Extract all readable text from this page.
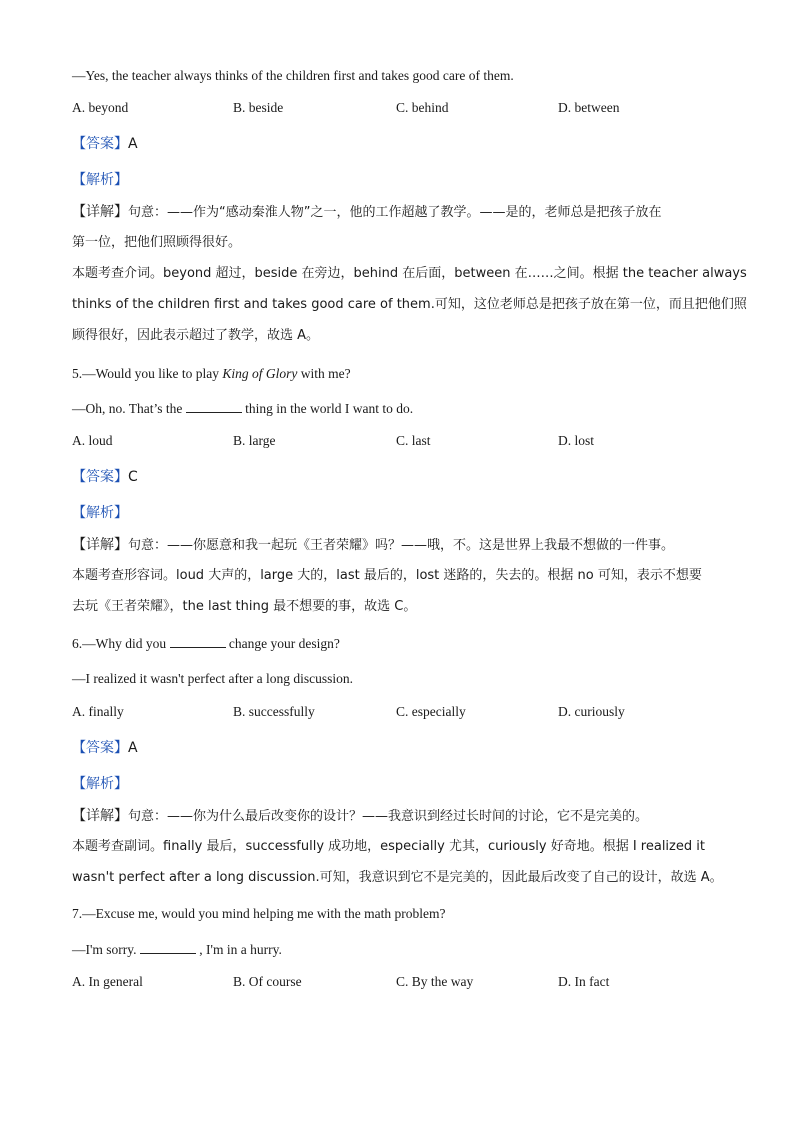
—Yes, the teacher always thinks of the children first and takes good care of them.
A. beyond	B. beside	C. behind	D. between
【答案】A
【解析】
【详解】句意：——作为“感动秦淮人物”之一，他的工作超越了教学。——是的，老师总是把孩子放在
第一位，把他们照顾得很好。
本题考查介词。beyond 超过，beside 在旁边，behind 在后面，between 在……之间。根据 the teacher always
thinks of the children first and takes good care of them.可知，这位老师总是把孩子放在第一位，而且把他们照
顾得很好，因此表示超过了教学，故选 A。
5.—Would you like to play King of Glory with me?
—Oh, no. That’s the	thing in the world I want to do.
A. loud	B. large	C. last	D. lost
【答案】C
【解析】
【详解】句意：——你愿意和我一起玩《王者荣耀》吗？——哦，不。这是世界上我最不想做的一件事。
本题考查形容词。loud 大声的，large 大的，last 最后的，lost 迷路的，失去的。根据 no 可知，表示不想要
去玩《王者荣耀》，the last thing 最不想要的事，故选 C。
6.—Why did you	change your design?
—I realized it wasn't perfect after a long discussion.
A. finally	B. successfully	C. especially	D. curiously
【答案】A
【解析】
【详解】句意：——你为什么最后改变你的设计？——我意识到经过长时间的讨论，它不是完美的。
本题考查副词。finally 最后，successfully 成功地，especially 尤其，curiously 好奇地。根据 I realized it
wasn't perfect after a long discussion.可知，我意识到它不是完美的，因此最后改变了自己的设计，故选 A。
7.—Excuse me, would you mind helping me with the math problem?
—I'm sorry.	, I'm in a hurry.
A. In general	B. Of course	C. By the way	D. In fact
